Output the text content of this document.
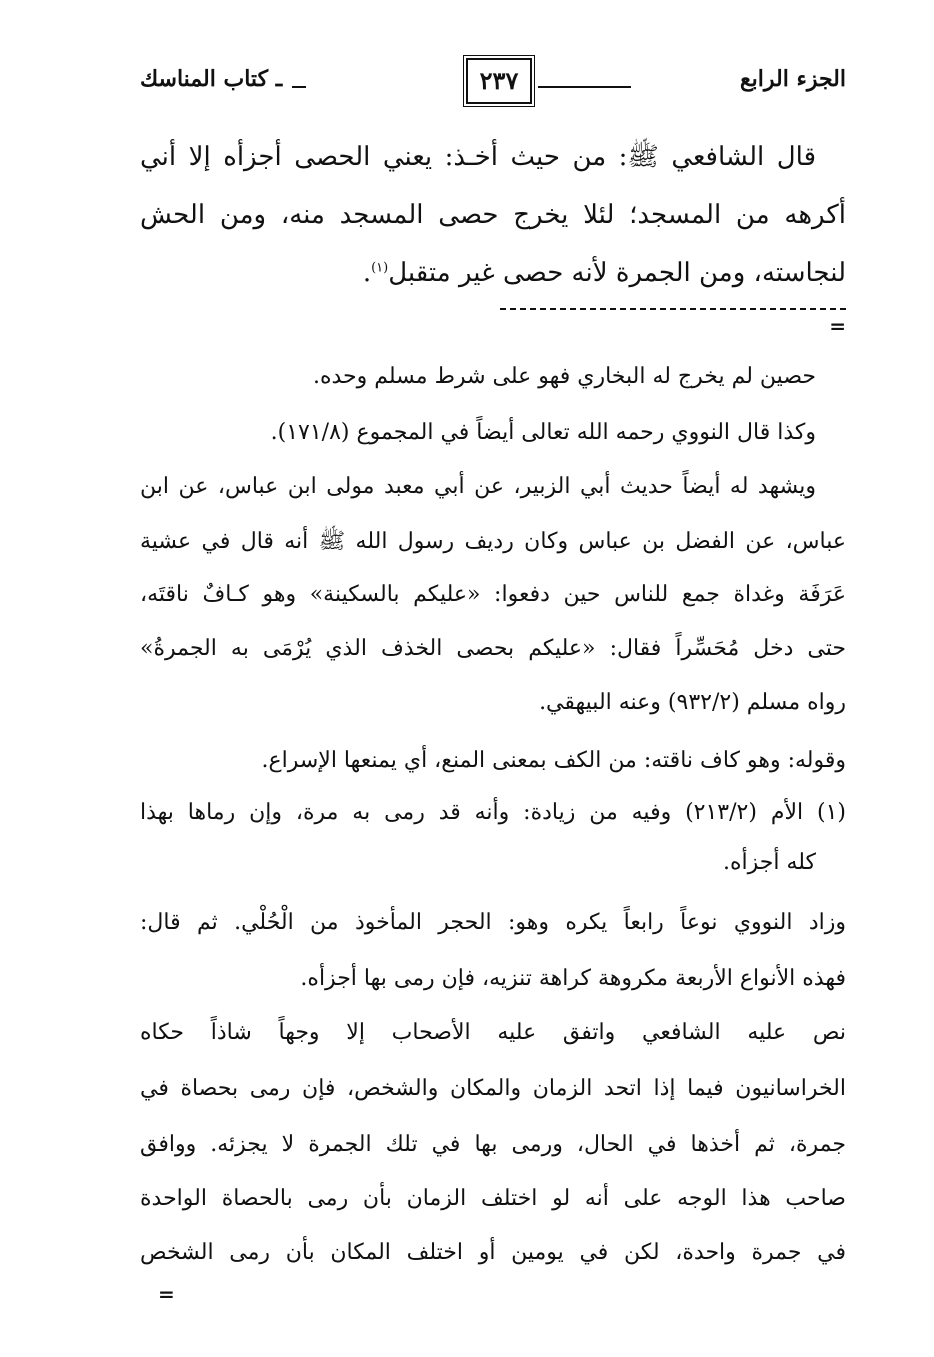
الجزء الرابع
٢٣٧
ـ كتاب المناسك
قال الشافعي ﷺ: من حيث أخـذ: يعني الحصى أجزأه إلا أني
أكرهه من المسجد؛ لئلا يخرج حصى المسجد منه، ومن الحش
لنجاسته، ومن الجمرة لأنه حصى غير متقبل$^{(١)}$.
=
حصين لم يخرج له البخاري فهو على شرط مسلم وحده.
وكذا قال النووي رحمه الله تعالى أيضاً في المجموع (١٧١/٨).
ويشهد له أيضاً حديث أبي الزبير، عن أبي معبد مولى ابن عباس، عن ابن
عباس، عن الفضل بن عباس وكان رديف رسول الله ﷺ أنه قال في عشية
عَرَفَة وغداة جمع للناس حين دفعوا: «عليكم بالسكينة» وهو كـافٌ ناقتَه،
حتى دخل مُحَسِّراً فقال: «عليكم بحصى الخذف الذي يُرْمَى به الجمرةُ»
رواه مسلم (٩٣٢/٢) وعنه البيهقي.
وقوله: وهو كاف ناقته: من الكف بمعنى المنع، أي يمنعها الإسراع.
(١) الأم (٢١٣/٢) وفيه من زيادة: وأنه قد رمى به مرة، وإن رماها بهذا
كله أجزأه.
وزاد النووي نوعاً رابعاً يكره وهو: الحجر المأخوذ من الْحُلْي. ثم قال:
فهذه الأنواع الأربعة مكروهة كراهة تنزيه، فإن رمى بها أجزأه.
نص عليه الشافعي واتفق عليه الأصحاب إلا وجهاً شاذاً حكاه
الخراسانيون فيما إذا اتحد الزمان والمكان والشخص، فإن رمى بحصاة في
جمرة، ثم أخذها في الحال، ورمى بها في تلك الجمرة لا يجزئه. ووافق
صاحب هذا الوجه على أنه لو اختلف الزمان بأن رمى بالحصاة الواحدة
في جمرة واحدة، لكن في يومين أو اختلف المكان بأن رمى الشخص
=
